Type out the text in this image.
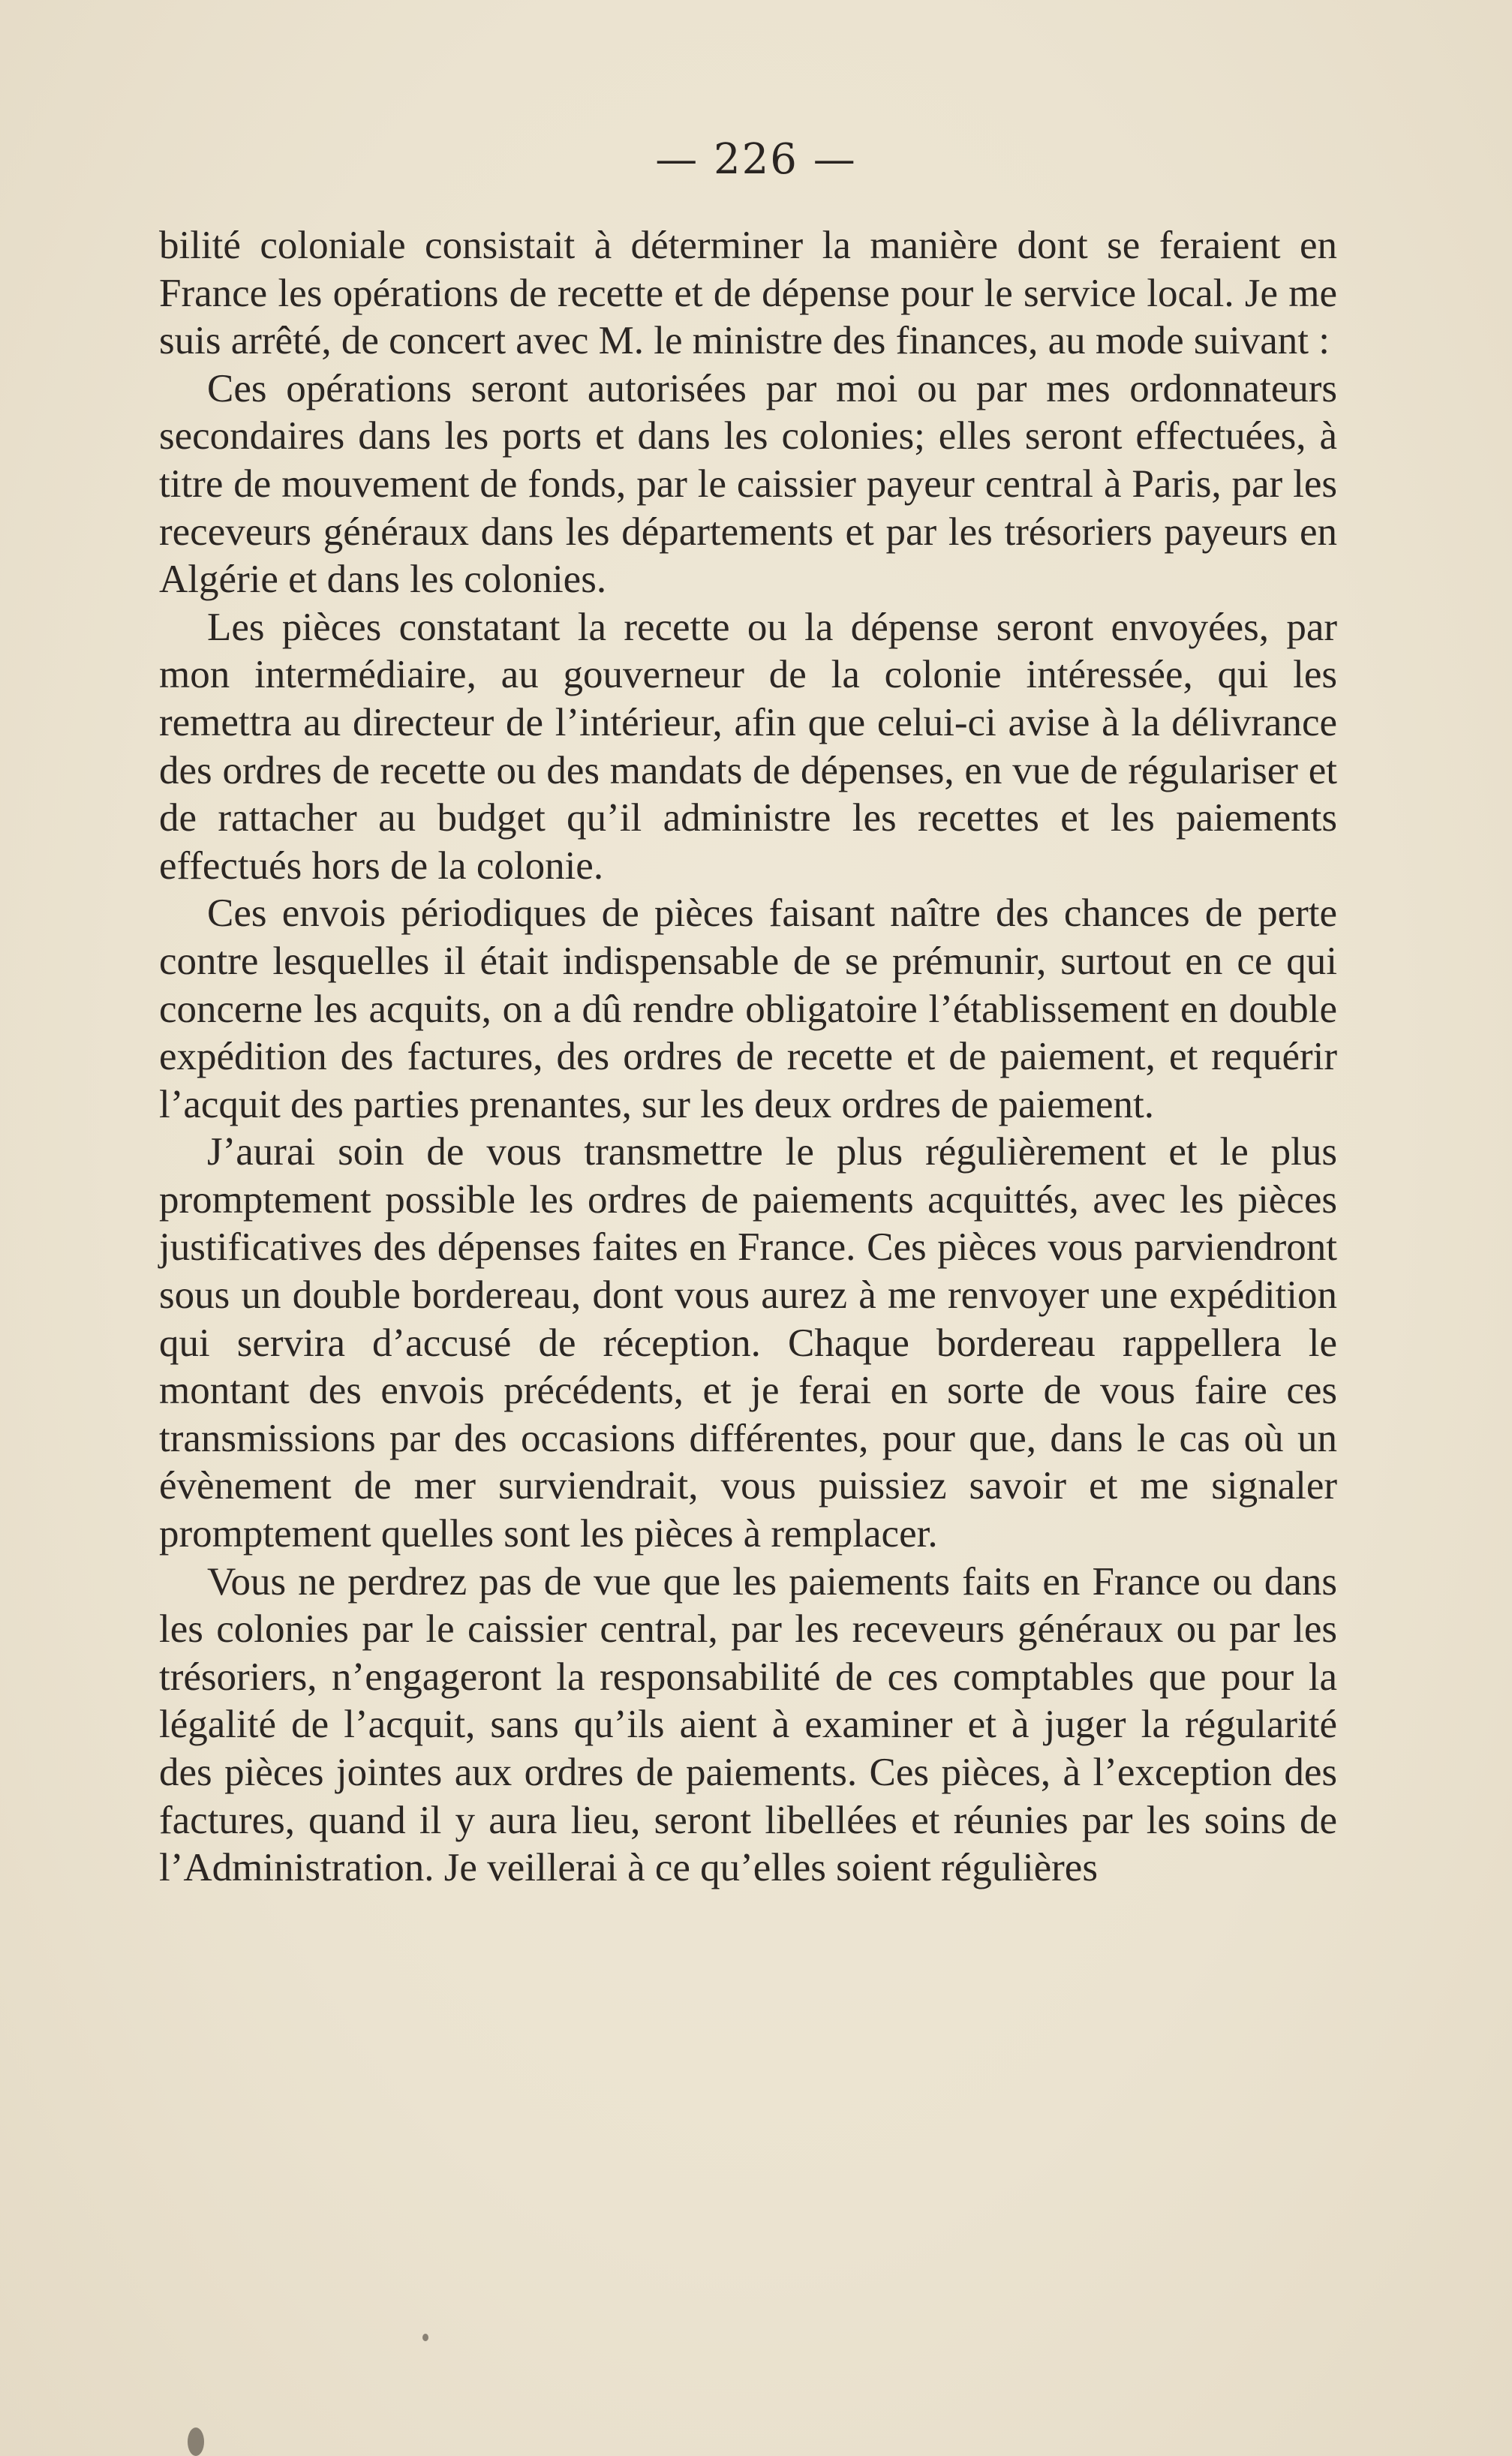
— 226 —

bilité coloniale consistait à déterminer la manière dont se feraient en France les opérations de recette et de dépense pour le service local. Je me suis arrêté, de concert avec M. le ministre des finances, au mode suivant :

Ces opérations seront autorisées par moi ou par mes ordonnateurs secondaires dans les ports et dans les colonies; elles seront effectuées, à titre de mouvement de fonds, par le caissier payeur central à Paris, par les receveurs généraux dans les départements et par les trésoriers payeurs en Algérie et dans les colonies.

Les pièces constatant la recette ou la dépense seront envoyées, par mon intermédiaire, au gouverneur de la colonie intéressée, qui les remettra au directeur de l’intérieur, afin que celui-ci avise à la délivrance des ordres de recette ou des mandats de dépenses, en vue de régulariser et de rattacher au budget qu’il administre les recettes et les paiements effectués hors de la colonie.

Ces envois périodiques de pièces faisant naître des chances de perte contre lesquelles il était indispensable de se prémunir, surtout en ce qui concerne les acquits, on a dû rendre obligatoire l’établissement en double expédition des factures, des ordres de recette et de paiement, et requérir l’acquit des parties prenantes, sur les deux ordres de paiement.

J’aurai soin de vous transmettre le plus régulièrement et le plus promptement possible les ordres de paiements acquittés, avec les pièces justificatives des dépenses faites en France. Ces pièces vous parviendront sous un double bordereau, dont vous aurez à me renvoyer une expédition qui servira d’accusé de réception. Chaque bordereau rappellera le montant des envois précédents, et je ferai en sorte de vous faire ces transmissions par des occasions différentes, pour que, dans le cas où un évènement de mer surviendrait, vous puissiez savoir et me signaler promptement quelles sont les pièces à remplacer.

Vous ne perdrez pas de vue que les paiements faits en France ou dans les colonies par le caissier central, par les receveurs généraux ou par les trésoriers, n’engageront la responsabilité de ces comptables que pour la légalité de l’acquit, sans qu’ils aient à examiner et à juger la régularité des pièces jointes aux ordres de paiements. Ces pièces, à l’exception des factures, quand il y aura lieu, seront libellées et réunies par les soins de l’Administration. Je veillerai à ce qu’elles soient régulières
